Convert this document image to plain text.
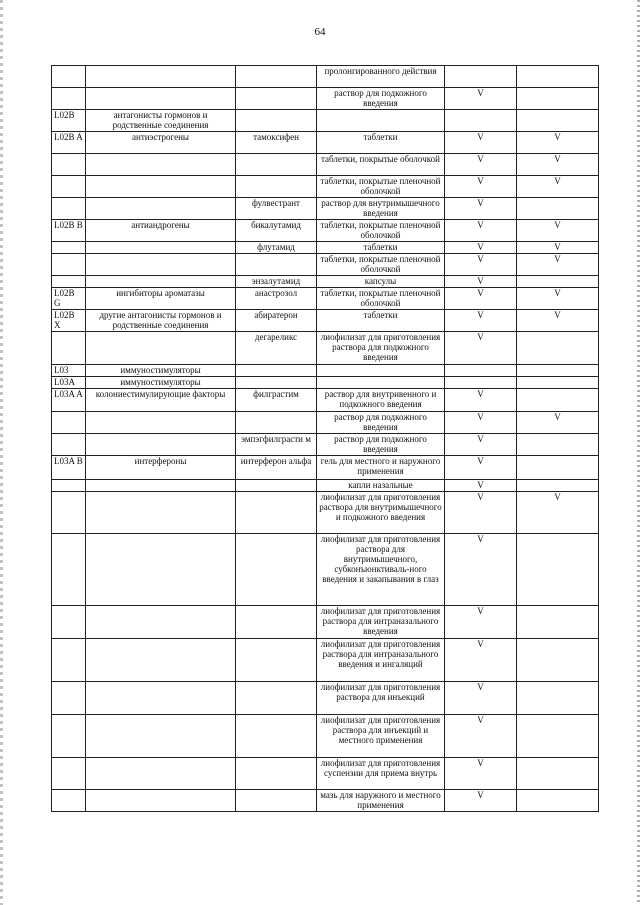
64
			пролонгированного действия		
			раствор для подкожного введения	V	
L02B	антагонисты гормонов и родственные соединения				
L02B A	антиэстрогены	тамоксифен	таблетки	V	V
			таблетки, покрытые оболочкой	V	V
			таблетки, покрытые пленочной оболочкой	V	V
		фулвестрант	раствор для внутримышечного введения	V	
L02B B	антиандрогены	бикалутамид	таблетки, покрытые пленочной оболочкой	V	V
		флутамид	таблетки	V	V
			таблетки, покрытые пленочной оболочкой	V	V
		энзалутамид	капсулы	V	
L02B G	ингибиторы ароматазы	анастрозол	таблетки, покрытые пленочной оболочкой	V	V
L02B X	другие антагонисты гормонов и родственные соединения	абиратерон	таблетки	V	V
		дегареликс	лиофилизат для приготовления раствора для подкожного введения	V	
L03	иммуностимуляторы				
L03A	иммуностимуляторы				
L03A A	колониестимулирующие факторы	филграстим	раствор для внутривенного и подкожного введения	V	
			раствор для подкожного введения	V	V
		эмпэгфилграсти м	раствор для подкожного введения	V	
L03A B	интерфероны	интерферон альфа	гель для местного и наружного применения	V	
			капли назальные	V	
			лиофилизат для приготовления раствора для внутримышечного и подкожного введения	V	V
			лиофилизат для приготовления раствора для внутримышечного, субконъюнктиваль-ного введения и закапывания в глаз	V	
			лиофилизат для приготовления раствора для интраназального введения	V	
			лиофилизат для приготовления раствора для интраназального введения и ингаляций	V	
			лиофилизат для приготовления раствора для инъекций	V	
			лиофилизат для приготовления раствора для инъекций и местного применения	V	
			лиофилизат для приготовления суспензии для приема внутрь	V	
			мазь для наружного и местного применения	V	
